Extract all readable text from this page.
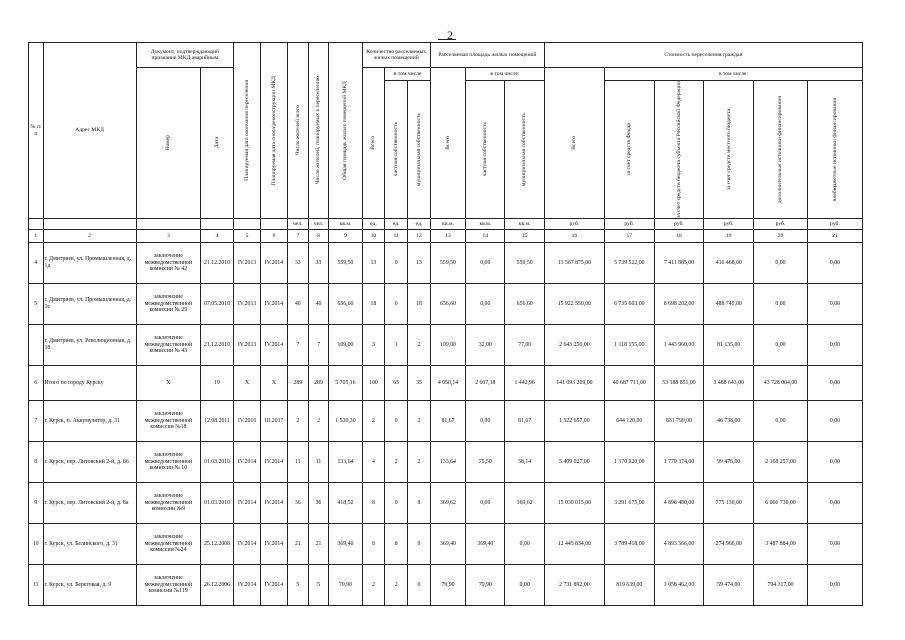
2
№ п/п	Адрес МКД	Документ, подтверждающий признание МКД аварийным		Планируемая дата окончания переселения	Планируемая дата сноса/реконструкции МКД	Число жителей всего	Число жителей, планируемых к переселению	Общая площадь жилых помещений МКД	Количество расселяемых жилых помещений			Расселяемая площадь жилых помещений			Стоимость переселения граждан					

		Номер	Дата						Всего	в том числе		Всего	в том числе:		Всего	в том числе:				

										частная собственность	муниципальная собственность		частная собственность	муниципальная собственность		за счет средств Фонда	за счет средств бюджета субъекта Российской Федерации	за счет средств местного бюджета	дополнительные источники финансирования	внебюджетные источники финансирования

						чел.	чел.	кв.м.	ед.	ед.	ед.	кв.м.	кв.м.	кв.м.	руб.	руб.	руб.	руб.	руб.	руб.
1	2	3	4	5	6	7	8	9	10	11	12	13	14	15	16	17	18	19	20	21
4	г. Дмитриев, ул. Промышленная, д. 1д	заключение межведомственной комиссии № 42	21.12.2010	IV.2013	IV.2014	33	33	559,50	13	0	13	559,50	0,00	559,50	13 567 875,00	5 739 522,00	7 411 885,00	416 468,00	0,00	0,00
5	г. Дмитриев, ул. Промышленная, д. 1е	заключение межведомственной комиссии № 29	07.05.2010	IV.2013	IV.2014	40	40	656,60	18	0	18	656,60	0,00	656,60	15 922 550,00	6 735 603,00	8 698 202,00	488 745,00	0,00	0,00
	г. Дмитриев, ул. Революционная, д. 18	заключение межведомственной комиссии № 43	21.12.2010	IV.2013	IV.2014	7	7	109,00	3	1	2	109,00	32,00	77,00	2 643 250,00	1 118 155,00	1 443 960,00	81 135,00	0,00	0,00
6	Итого по городу Курску	X	19	X	X	289	289	5 705,16	100	65	35	4 050,14	2 607,18	1 442,96	141 093 209,00	40 687 711,00	53 188 851,00	3 488 643,00	43 728 004,00	0,00
7	г. Курск, п. Аккумулятор, д. 31	заключение межведомственной комиссии №18	12.08.2011	IV.2016	III.2017	2	2	1 530,30	2	0	2	81,67	0,00	81,67	1 522 657,00	644 120,00	831 799,00	46 738,00	0,00	0,00
8	г. Курск, пер. Литовский 2-й, д. 86	заключение межведомственной комиссии № 10	01.03.2010	IV.2014	IV.2014	11	11	133,64	4	2	2	133,64	75,50	58,14	5 409 027,00	1 370 920,00	1 770 374,00	99 476,00	2 168 257,00	0,00
9	г. Курск, пер. Литовский 2-й, д. 8а	заключение межведомственной комиссии №9	01.03.2010	IV.2014	IV.2014	36	36	418,52	8	0	8	369,62	0,00	369,62	15 030 015,00	3 291 675,00	4 896 480,00	775 130,00	6 066 730,00	0,00
10	г. Курск, ул. Белинского, д. 31	заключение межведомственной комиссии №24	25.12.2008	IV.2014	IV.2014	21	21	369,40	8	8	0	369,40	369,40	0,00	12 445 834,00	3 789 418,00	4 893 566,00	274 966,00	3 487 884,00	0,00
11	г. Курск, ул. Береговая, д. 9	заключение межведомственной комиссии №119	26.12.2006	IV.2014	IV.2014	5	5	79,90	2	2	0	79,90	79,90	0,00	2 731 892,00	819 639,00	1 058 462,00	59 474,00	794 317,00	0,00
